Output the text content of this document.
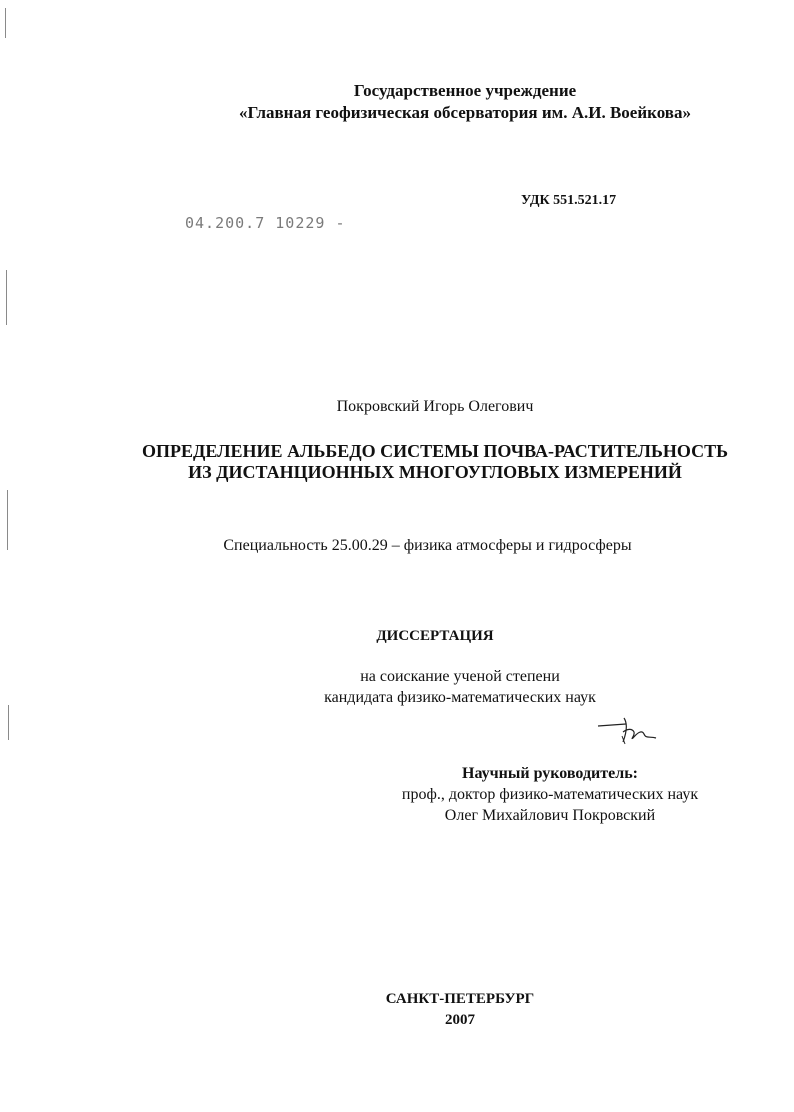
Государственное учреждение
«Главная геофизическая обсерватория им. А.И. Воейкова»
УДК 551.521.17
04.200.7 10229 -
Покровский Игорь Олегович
ОПРЕДЕЛЕНИЕ АЛЬБЕДО СИСТЕМЫ ПОЧВА-РАСТИТЕЛЬНОСТЬ
ИЗ ДИСТАНЦИОННЫХ МНОГОУГЛОВЫХ ИЗМЕРЕНИЙ
Специальность 25.00.29 – физика атмосферы и гидросферы
ДИССЕРТАЦИЯ
на соискание ученой степени
кандидата физико-математических наук
Научный руководитель:
проф., доктор физико-математических наук
Олег Михайлович Покровский
САНКТ-ПЕТЕРБУРГ
2007
